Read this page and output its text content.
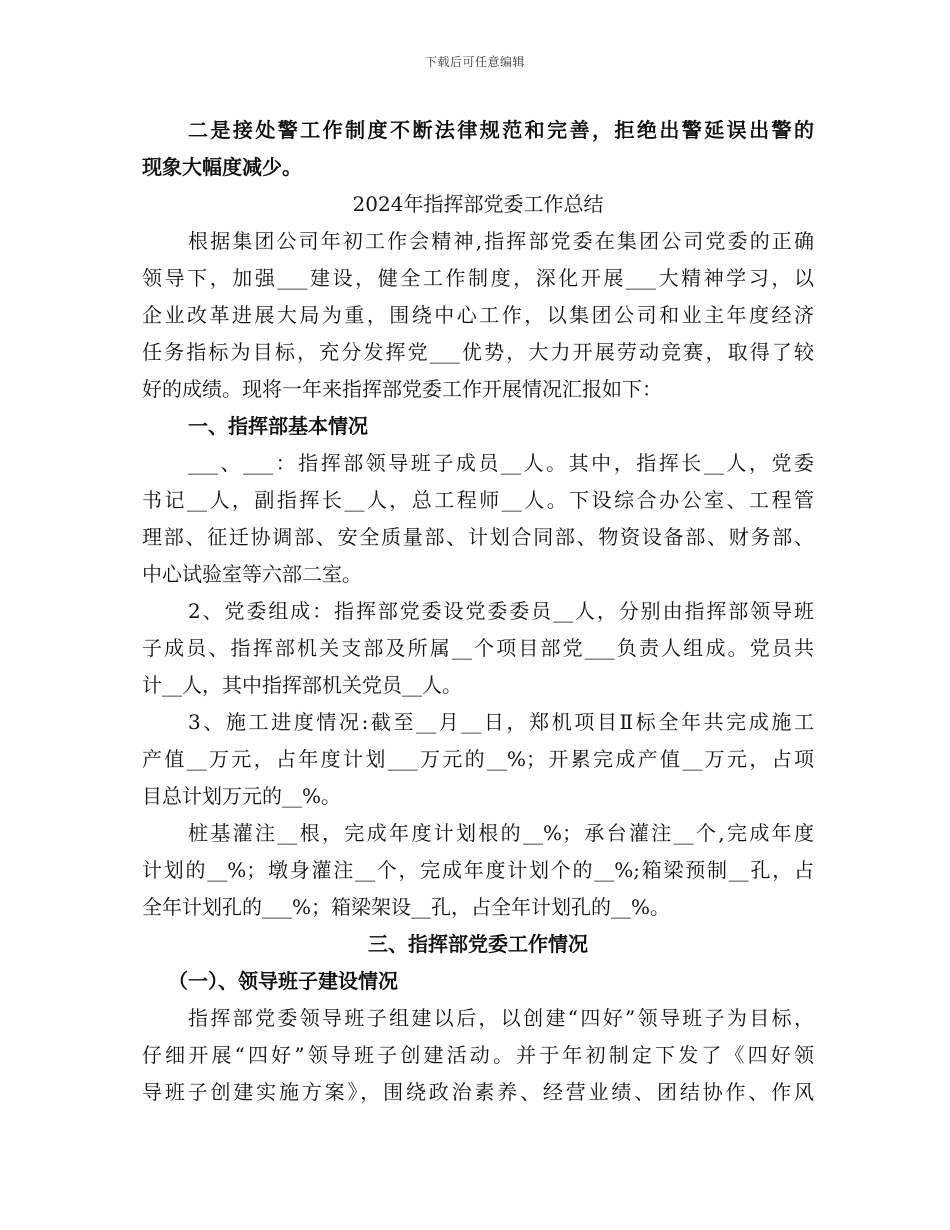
下载后可任意编辑
二是接处警工作制度不断法律规范和完善，拒绝出警延误出警的
现象大幅度减少。
2024年指挥部党委工作总结
根据集团公司年初工作会精神,指挥部党委在集团公司党委的正确
领导下，加强___建设，健全工作制度，深化开展___大精神学习，以
企业改革进展大局为重，围绕中心工作，以集团公司和业主年度经济
任务指标为目标，充分发挥党___优势，大力开展劳动竞赛，取得了较
好的成绩。现将一年来指挥部党委工作开展情况汇报如下：
一、指挥部基本情况
___、___：指挥部领导班子成员__人。其中，指挥长__人，党委
书记__人，副指挥长__人，总工程师__人。下设综合办公室、工程管
理部、征迁协调部、安全质量部、计划合同部、物资设备部、财务部、
中心试验室等六部二室。
2、党委组成：指挥部党委设党委委员__人，分别由指挥部领导班
子成员、指挥部机关支部及所属__个项目部党___负责人组成。党员共
计__人，其中指挥部机关党员__人。
3、施工进度情况:截至__月__日，郑机项目Ⅱ标全年共完成施工
产值__万元，占年度计划___万元的__%；开累完成产值__万元，占项
目总计划万元的__%。
桩基灌注__根，完成年度计划根的__%；承台灌注__个,完成年度
计划的__%；墩身灌注__个，完成年度计划个的__%;箱梁预制__孔，占
全年计划孔的___%；箱梁架设__孔，占全年计划孔的__%。
三、指挥部党委工作情况
（一）、领导班子建设情况
指挥部党委领导班子组建以后，以创建“四好”领导班子为目标，
仔细开展“四好”领导班子创建活动。并于年初制定下发了《四好领
导班子创建实施方案》，围绕政治素养、经营业绩、团结协作、作风
